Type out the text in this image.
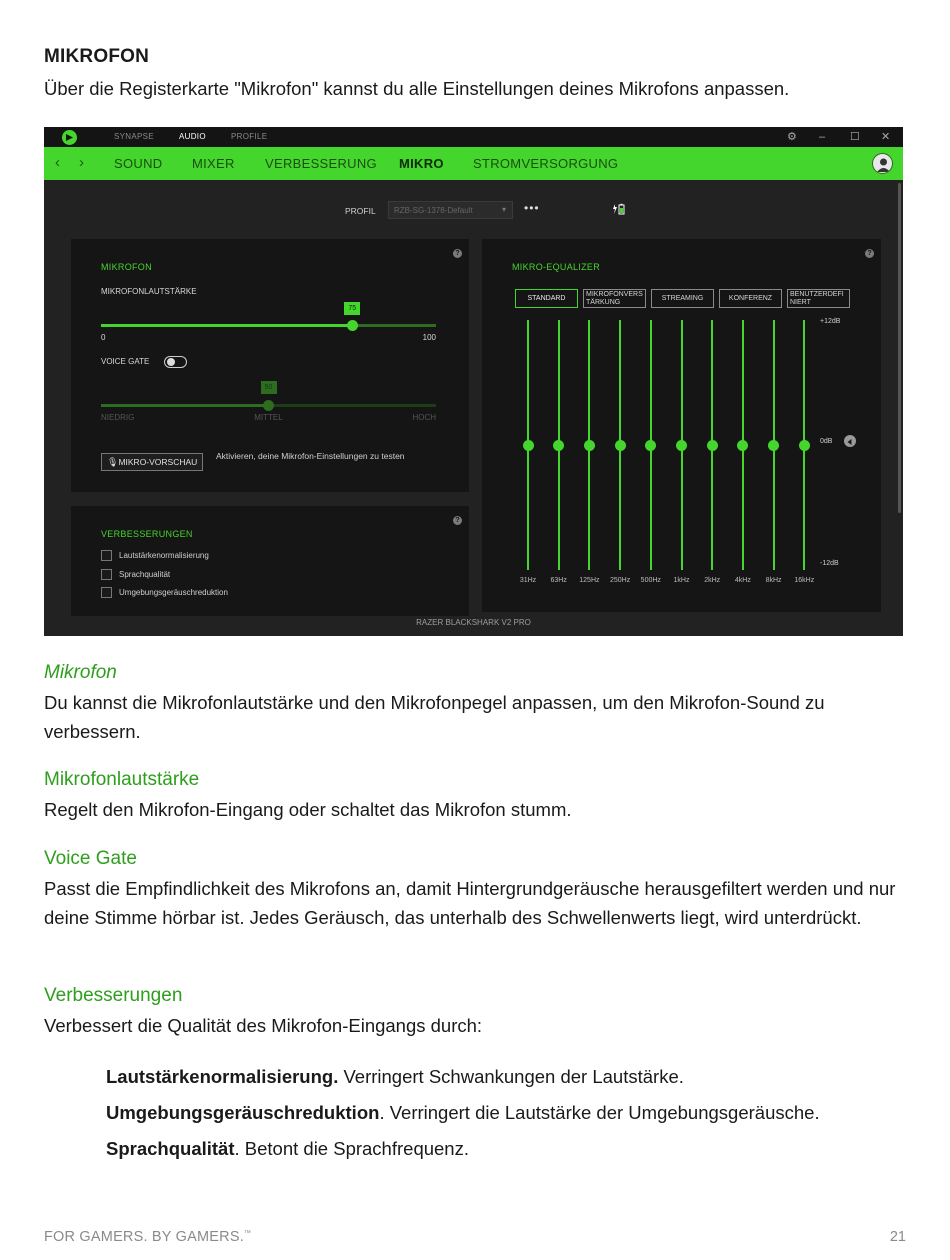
MIKROFON
Über die Registerkarte "Mikrofon" kannst du alle Einstellungen deines Mikrofons anpassen.
SYNAPSE	AUDIO	PROFILE	⚙ – ☐ ✕
‹ › SOUND MIXER VERBESSERUNG MIKRO STROMVERSORGUNG
PROFIL	RZB-SG-1378-Default	▾ •••
?
MIKROFON
MIKROFONLAUTSTÄRKE
75
0	100
VOICE GATE
50
NIEDRIG	MITTEL	HOCH
🎙MIKRO-VORSCHAU
Aktivieren, deine Mikrofon-Einstellungen zu testen
?
VERBESSERUNGEN
Lautstärkenormalisierung
Sprachqualität
Umgebungsgeräuschreduktion
?
MIKRO-EQUALIZER
STANDARD
MIKROFONVERS TÄRKUNG
STREAMING	KONFERENZ
BENUTZERDEFI NIERT
31Hz	63Hz	125Hz	250Hz	500Hz	1kHz	2kHz	4kHz	8kHz	16kHz
+12dB
0dB
-12dB
RAZER BLACKSHARK V2 PRO
Mikrofon
Du kannst die Mikrofonlautstärke und den Mikrofonpegel anpassen, um den Mikrofon-Sound zu verbessern.
Mikrofonlautstärke
Regelt den Mikrofon-Eingang oder schaltet das Mikrofon stumm.
Voice Gate
Passt die Empfindlichkeit des Mikrofons an, damit Hintergrundgeräusche herausgefiltert werden und nur deine Stimme hörbar ist. Jedes Geräusch, das unterhalb des Schwellenwerts liegt, wird unterdrückt.
Verbesserungen
Verbessert die Qualität des Mikrofon-Eingangs durch:
Lautstärkenormalisierung. Verringert Schwankungen der Lautstärke.
Umgebungsgeräuschreduktion. Verringert die Lautstärke der Umgebungsgeräusche.
Sprachqualität. Betont die Sprachfrequenz.
FOR GAMERS. BY GAMERS.™	21
